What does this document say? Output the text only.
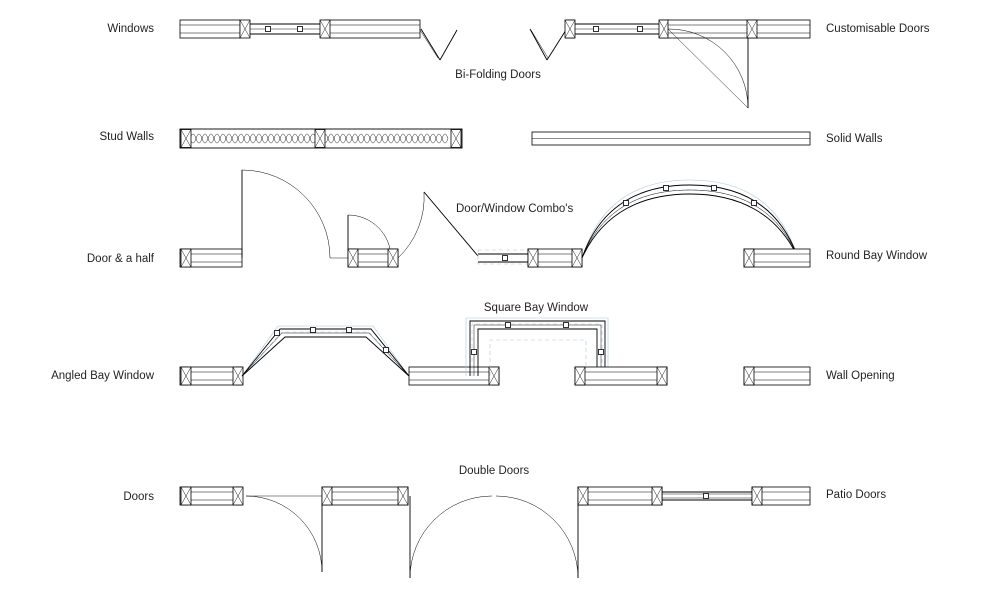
Windows	Customisable Doors
Bi-Folding Doors
Stud Walls	Solid Walls
Door/Window Combo's
Door & a half	Round Bay Window
Square Bay Window
Angled Bay Window	Wall Opening
Double Doors
Doors	Patio Doors
